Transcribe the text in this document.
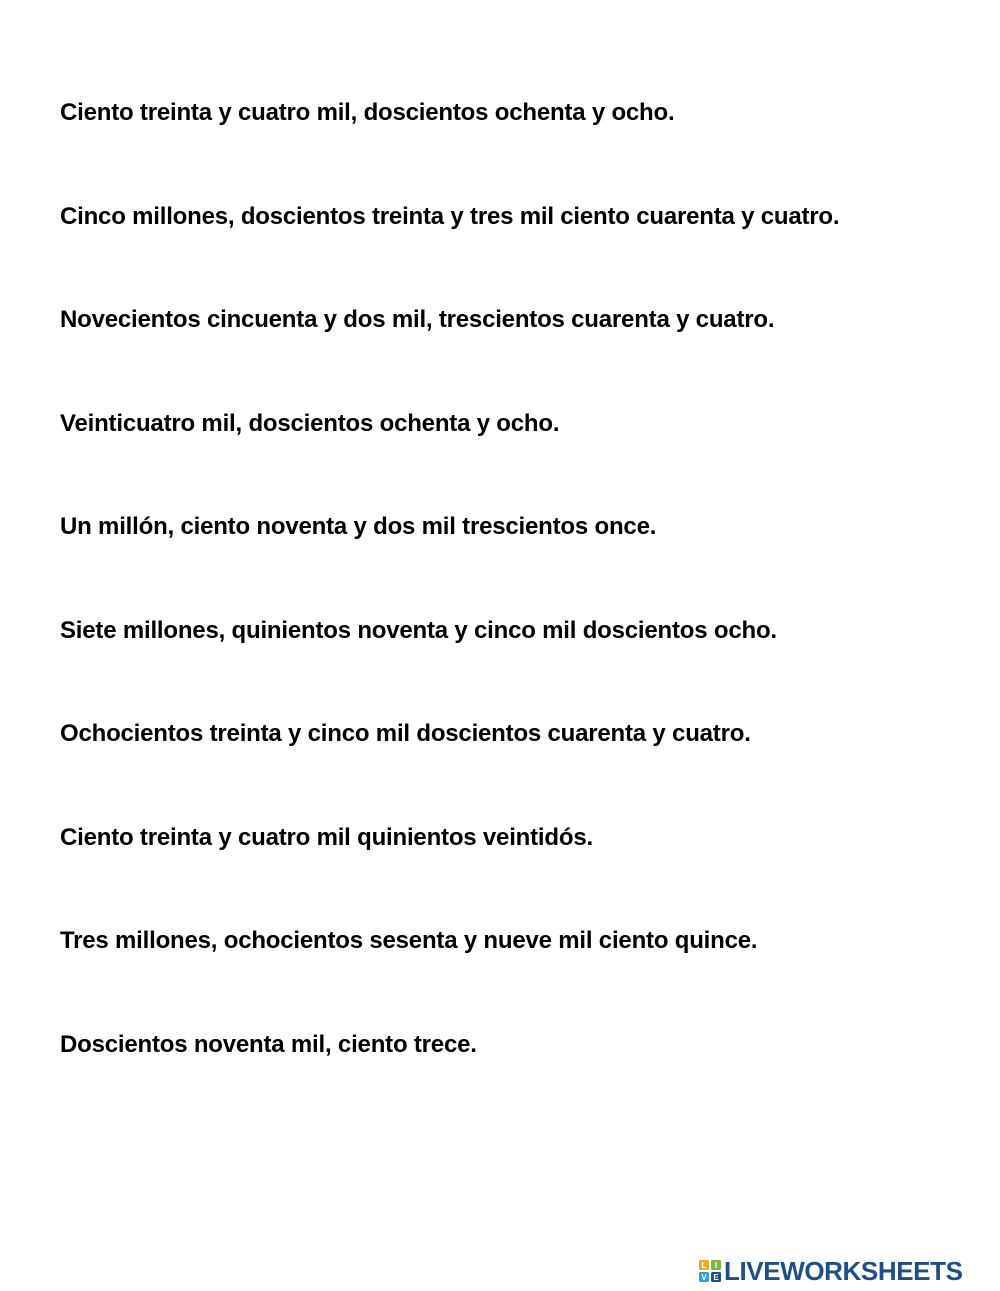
Ciento treinta y cuatro mil, doscientos ochenta y ocho.
Cinco millones, doscientos treinta y tres mil ciento cuarenta y cuatro.
Novecientos cincuenta y dos mil, trescientos cuarenta y cuatro.
Veinticuatro mil, doscientos ochenta y ocho.
Un millón, ciento noventa y dos mil trescientos once.
Siete millones, quinientos noventa y cinco mil doscientos ocho.
Ochocientos treinta y cinco mil doscientos cuarenta y cuatro.
Ciento treinta y cuatro mil quinientos veintidós.
Tres millones, ochocientos sesenta y nueve mil ciento quince.
Doscientos noventa mil, ciento trece.
L I
V E LIVEWORKSHEETS
